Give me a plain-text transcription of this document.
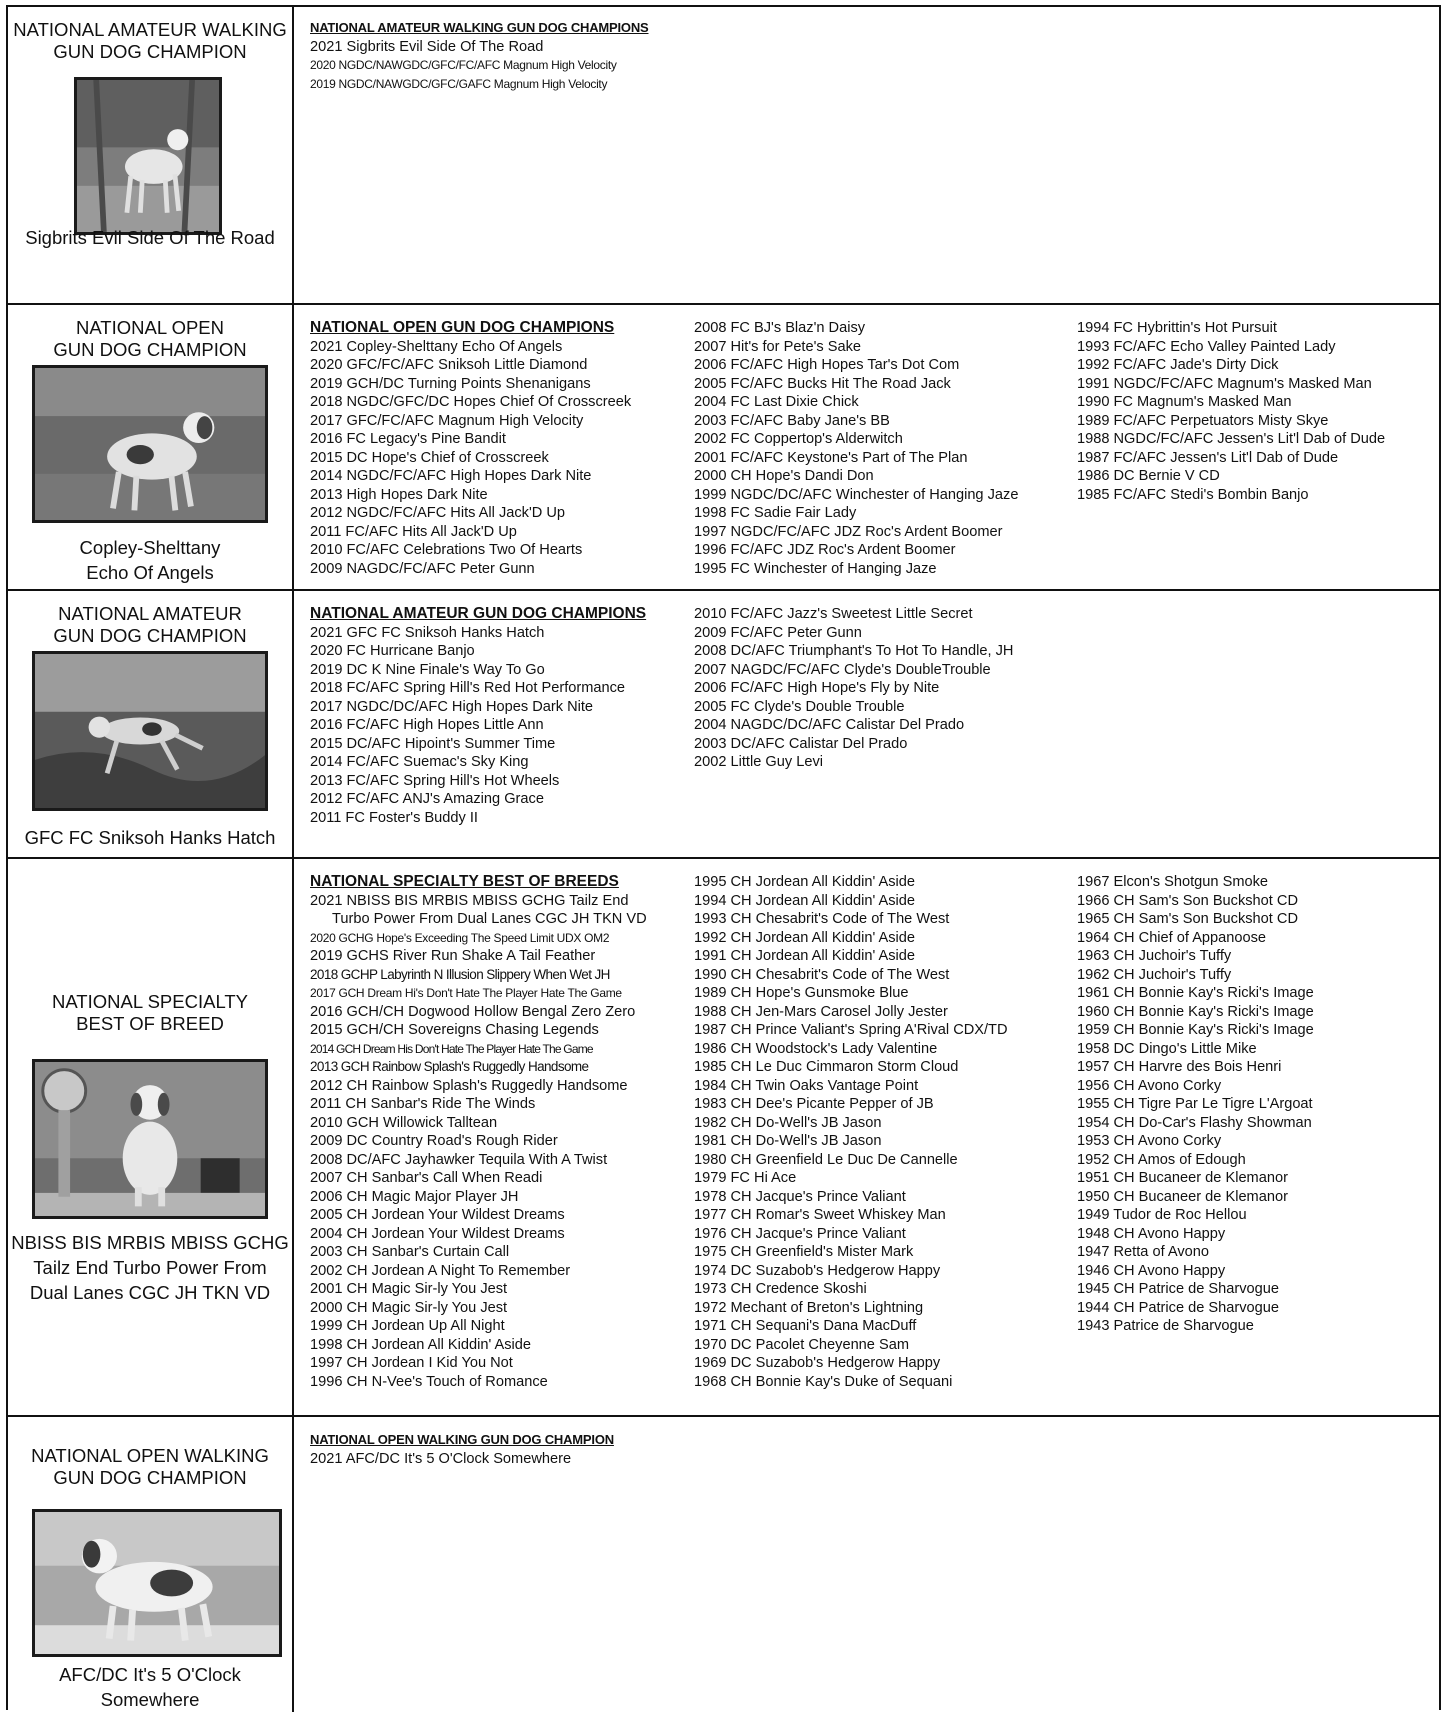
NATIONAL AMATEUR WALKING
GUN DOG CHAMPION
Sigbrits Evil Side Of The Road
NATIONAL AMATEUR WALKING GUN DOG CHAMPIONS
2021 Sigbrits Evil Side Of The Road
2020 NGDC/NAWGDC/GFC/FC/AFC Magnum High Velocity
2019 NGDC/NAWGDC/GFC/GAFC Magnum High Velocity
NATIONAL OPEN
GUN DOG CHAMPION
Copley-Shelttany
Echo Of Angels
NATIONAL OPEN GUN DOG CHAMPIONS
2021 Copley-Shelttany Echo Of Angels
2020 GFC/FC/AFC Sniksoh Little Diamond
2019 GCH/DC Turning Points Shenanigans
2018 NGDC/GFC/DC Hopes Chief Of Crosscreek
2017 GFC/FC/AFC Magnum High Velocity
2016 FC Legacy's Pine Bandit
2015 DC Hope's Chief of Crosscreek
2014 NGDC/FC/AFC High Hopes Dark Nite
2013 High Hopes Dark Nite
2012 NGDC/FC/AFC Hits All Jack'D Up
2011 FC/AFC Hits All Jack'D Up
2010 FC/AFC Celebrations Two Of Hearts
2009 NAGDC/FC/AFC Peter Gunn
2008 FC BJ's Blaz'n Daisy
2007 Hit's for Pete's Sake
2006 FC/AFC High Hopes Tar's Dot Com
2005 FC/AFC Bucks Hit The Road Jack
2004 FC Last Dixie Chick
2003 FC/AFC Baby Jane's BB
2002 FC Coppertop's Alderwitch
2001 FC/AFC Keystone's Part of The Plan
2000 CH Hope's Dandi Don
1999 NGDC/DC/AFC Winchester of Hanging Jaze
1998 FC Sadie Fair Lady
1997 NGDC/FC/AFC JDZ Roc's Ardent Boomer
1996 FC/AFC JDZ Roc's Ardent Boomer
1995 FC Winchester of Hanging Jaze
1994 FC Hybrittin's Hot Pursuit
1993 FC/AFC Echo Valley Painted Lady
1992 FC/AFC Jade's Dirty Dick
1991 NGDC/FC/AFC Magnum's Masked Man
1990 FC Magnum's Masked Man
1989 FC/AFC Perpetuators Misty Skye
1988 NGDC/FC/AFC Jessen's Lit'l Dab of Dude
1987 FC/AFC Jessen's Lit'l Dab of Dude
1986 DC Bernie V CD
1985 FC/AFC Stedi's Bombin Banjo
NATIONAL AMATEUR
GUN DOG CHAMPION
GFC FC Sniksoh Hanks Hatch
NATIONAL AMATEUR GUN DOG CHAMPIONS
2021 GFC FC Sniksoh Hanks Hatch
2020 FC Hurricane Banjo
2019 DC K Nine Finale's Way To Go
2018 FC/AFC Spring Hill's Red Hot Performance
2017 NGDC/DC/AFC High Hopes Dark Nite
2016 FC/AFC High Hopes Little Ann
2015 DC/AFC Hipoint's Summer Time
2014 FC/AFC Suemac's Sky King
2013 FC/AFC Spring Hill's Hot Wheels
2012 FC/AFC ANJ's Amazing Grace
2011 FC Foster's Buddy II
2010 FC/AFC Jazz's Sweetest Little Secret
2009 FC/AFC Peter Gunn
2008 DC/AFC Triumphant's To Hot To Handle, JH
2007 NAGDC/FC/AFC Clyde's DoubleTrouble
2006 FC/AFC High Hope's Fly by Nite
2005 FC Clyde's Double Trouble
2004 NAGDC/DC/AFC Calistar Del Prado
2003 DC/AFC Calistar Del Prado
2002 Little Guy Levi
NATIONAL SPECIALTY
BEST OF BREED
NBISS BIS MRBIS MBISS GCHG
Tailz End Turbo Power From
Dual Lanes CGC JH TKN VD
NATIONAL SPECIALTY BEST OF BREEDS
2021 NBISS BIS MRBIS MBISS GCHG Tailz End
Turbo Power From Dual Lanes CGC JH TKN VD
2020 GCHG Hope's Exceeding The Speed Limit UDX OM2
2019 GCHS River Run Shake A Tail Feather
2018 GCHP Labyrinth N Illusion Slippery When Wet JH
2017 GCH Dream Hi's Don't Hate The Player Hate The Game
2016 GCH/CH Dogwood Hollow Bengal Zero Zero
2015 GCH/CH Sovereigns Chasing Legends
2014 GCH Dream His Don't Hate The Player Hate The Game
2013 GCH Rainbow Splash's Ruggedly Handsome
2012 CH Rainbow Splash's Ruggedly Handsome
2011 CH Sanbar's Ride The Winds
2010 GCH Willowick Talltean
2009 DC Country Road's Rough Rider
2008 DC/AFC Jayhawker Tequila With A Twist
2007 CH Sanbar's Call When Readi
2006 CH Magic Major Player JH
2005 CH Jordean Your Wildest Dreams
2004 CH Jordean Your Wildest Dreams
2003 CH Sanbar's Curtain Call
2002 CH Jordean A Night To Remember
2001 CH Magic Sir-ly You Jest
2000 CH Magic Sir-ly You Jest
1999 CH Jordean Up All Night
1998 CH Jordean All Kiddin' Aside
1997 CH Jordean I Kid You Not
1996 CH N-Vee's Touch of Romance
1995 CH Jordean All Kiddin' Aside
1994 CH Jordean All Kiddin' Aside
1993 CH Chesabrit's Code of The West
1992 CH Jordean All Kiddin' Aside
1991 CH Jordean All Kiddin' Aside
1990 CH Chesabrit's Code of The West
1989 CH Hope's Gunsmoke Blue
1988 CH Jen-Mars Carosel Jolly Jester
1987 CH Prince Valiant's Spring A'Rival CDX/TD
1986 CH Woodstock's Lady Valentine
1985 CH Le Duc Cimmaron Storm Cloud
1984 CH Twin Oaks Vantage Point
1983 CH Dee's Picante Pepper of JB
1982 CH Do-Well's JB Jason
1981 CH Do-Well's JB Jason
1980 CH Greenfield Le Duc De Cannelle
1979 FC Hi Ace
1978 CH Jacque's Prince Valiant
1977 CH Romar's Sweet Whiskey Man
1976 CH Jacque's Prince Valiant
1975 CH Greenfield's Mister Mark
1974 DC Suzabob's Hedgerow Happy
1973 CH Credence Skoshi
1972 Mechant of Breton's Lightning
1971 CH Sequani's Dana MacDuff
1970 DC Pacolet Cheyenne Sam
1969 DC Suzabob's Hedgerow Happy
1968 CH Bonnie Kay's Duke of Sequani
1967 Elcon's Shotgun Smoke
1966 CH Sam's Son Buckshot CD
1965 CH Sam's Son Buckshot CD
1964 CH Chief of Appanoose
1963 CH Juchoir's Tuffy
1962 CH Juchoir's Tuffy
1961 CH Bonnie Kay's Ricki's Image
1960 CH Bonnie Kay's Ricki's Image
1959 CH Bonnie Kay's Ricki's Image
1958 DC Dingo's Little Mike
1957 CH Harvre des Bois Henri
1956 CH Avono Corky
1955 CH Tigre Par Le Tigre L'Argoat
1954 CH Do-Car's Flashy Showman
1953 CH Avono Corky
1952 CH Amos of Edough
1951 CH Bucaneer de Klemanor
1950 CH Bucaneer de Klemanor
1949 Tudor de Roc Hellou
1948 CH Avono Happy
1947 Retta of Avono
1946 CH Avono Happy
1945 CH Patrice de Sharvogue
1944 CH Patrice de Sharvogue
1943 Patrice de Sharvogue
NATIONAL OPEN WALKING
GUN DOG CHAMPION
AFC/DC It's 5 O'Clock
Somewhere
NATIONAL OPEN WALKING GUN DOG CHAMPION
2021 AFC/DC It's 5 O'Clock Somewhere
